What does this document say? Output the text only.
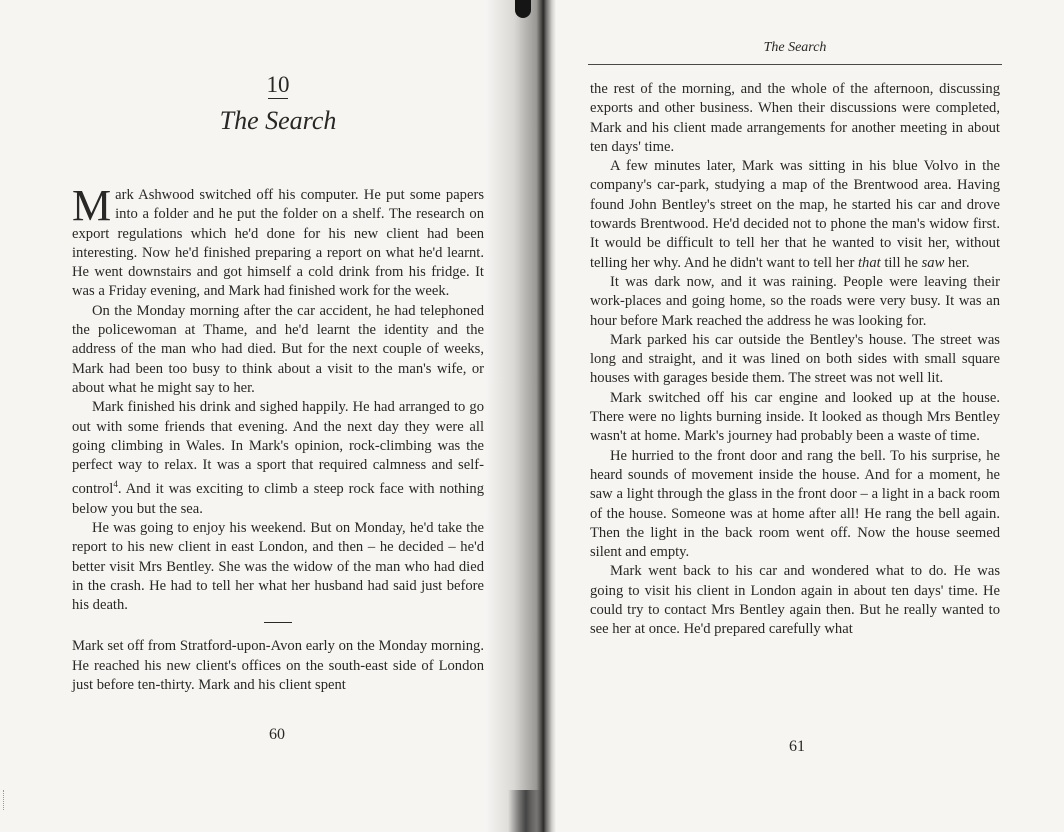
10
The Search

Mark Ashwood switched off his computer. He put some papers into a folder and he put the folder on a shelf. The research on export regulations which he'd done for his new client had been interesting. Now he'd finished preparing a report on what he'd learnt. He went downstairs and got himself a cold drink from his fridge. It was a Friday evening, and Mark had finished work for the week.

On the Monday morning after the car accident, he had telephoned the policewoman at Thame, and he'd learnt the identity and the address of the man who had died. But for the next couple of weeks, Mark had been too busy to think about a visit to the man's wife, or about what he might say to her.

Mark finished his drink and sighed happily. He had arranged to go out with some friends that evening. And the next day they were all going climbing in Wales. In Mark's opinion, rock-climbing was the perfect way to relax. It was a sport that required calmness and self-control$^4$. And it was exciting to climb a steep rock face with nothing below you but the sea.

He was going to enjoy his weekend. But on Monday, he'd take the report to his new client in east London, and then – he decided – he'd better visit Mrs Bentley. She was the widow of the man who had died in the crash. He had to tell her what her husband had said just before his death.

Mark set off from Stratford-upon-Avon early on the Monday morning. He reached his new client's offices on the south-east side of London just before ten-thirty. Mark and his client spent

60
The Search

the rest of the morning, and the whole of the afternoon, discussing exports and other business. When their discussions were completed, Mark and his client made arrangements for another meeting in about ten days' time.

A few minutes later, Mark was sitting in his blue Volvo in the company's car-park, studying a map of the Brentwood area. Having found John Bentley's street on the map, he started his car and drove towards Brentwood. He'd decided not to phone the man's widow first. It would be difficult to tell her that he wanted to visit her, without telling her why. And he didn't want to tell her that till he saw her.

It was dark now, and it was raining. People were leaving their work-places and going home, so the roads were very busy. It was an hour before Mark reached the address he was looking for.

Mark parked his car outside the Bentley's house. The street was long and straight, and it was lined on both sides with small square houses with garages beside them. The street was not well lit.

Mark switched off his car engine and looked up at the house. There were no lights burning inside. It looked as though Mrs Bentley wasn't at home. Mark's journey had probably been a waste of time.

He hurried to the front door and rang the bell. To his surprise, he heard sounds of movement inside the house. And for a moment, he saw a light through the glass in the front door – a light in a back room of the house. Someone was at home after all! He rang the bell again. Then the light in the back room went off. Now the house seemed silent and empty.

Mark went back to his car and wondered what to do. He was going to visit his client in London again in about ten days' time. He could try to contact Mrs Bentley again then. But he really wanted to see her at once. He'd prepared carefully what

61
